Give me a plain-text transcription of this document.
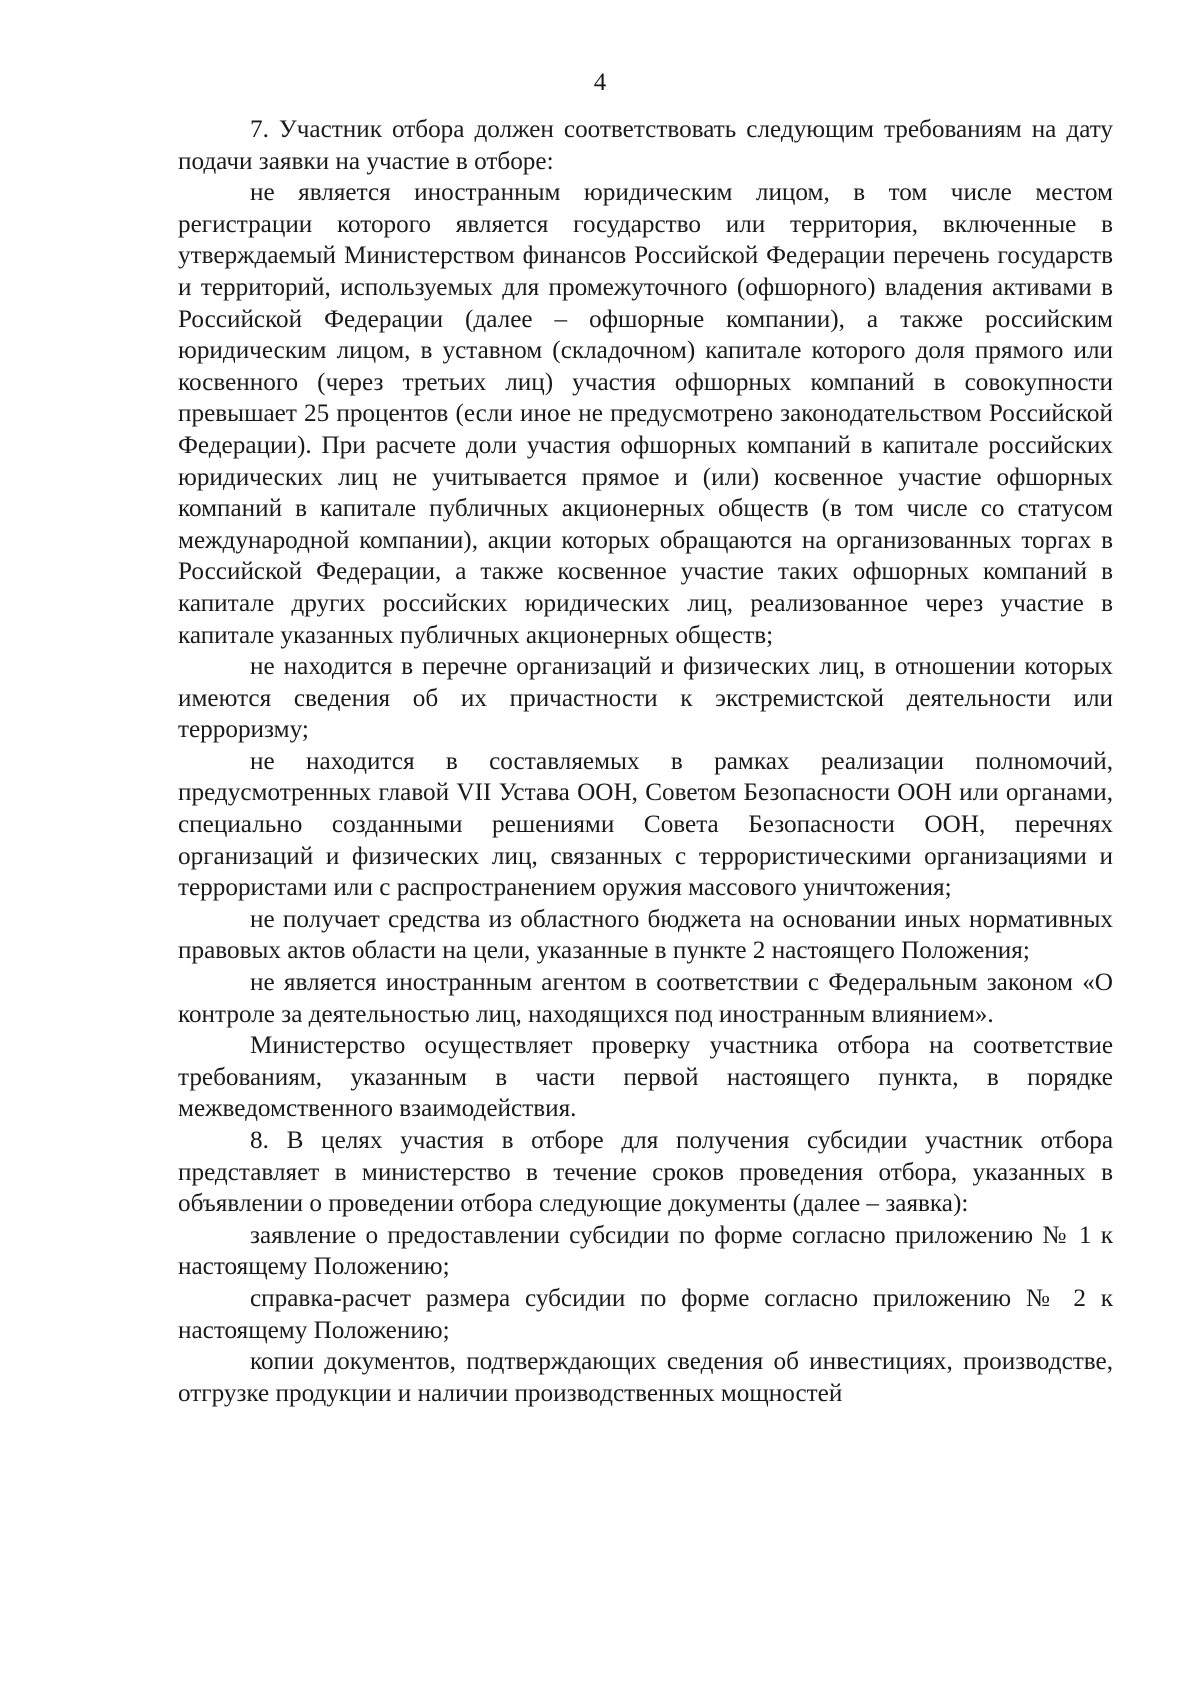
4

7. Участник отбора должен соответствовать следующим требованиям на дату подачи заявки на участие в отборе:

не является иностранным юридическим лицом, в том числе местом регистрации которого является государство или территория, включенные в утверждаемый Министерством финансов Российской Федерации перечень государств и территорий, используемых для промежуточного (офшорного) владения активами в Российской Федерации (далее – офшорные компании), а также российским юридическим лицом, в уставном (складочном) капитале которого доля прямого или косвенного (через третьих лиц) участия офшорных компаний в совокупности превышает 25 процентов (если иное не предусмотрено законодательством Российской Федерации). При расчете доли участия офшорных компаний в капитале российских юридических лиц не учитывается прямое и (или) косвенное участие офшорных компаний в капитале публичных акционерных обществ (в том числе со статусом международной компании), акции которых обращаются на организованных торгах в Российской Федерации, а также косвенное участие таких офшорных компаний в капитале других российских юридических лиц, реализованное через участие в капитале указанных публичных акционерных обществ;

не находится в перечне организаций и физических лиц, в отношении которых имеются сведения об их причастности к экстремистской деятельности или терроризму;

не находится в составляемых в рамках реализации полномочий, предусмотренных главой VII Устава ООН, Советом Безопасности ООН или органами, специально созданными решениями Совета Безопасности ООН, перечнях организаций и физических лиц, связанных с террористическими организациями и террористами или с распространением оружия массового уничтожения;

не получает средства из областного бюджета на основании иных нормативных правовых актов области на цели, указанные в пункте 2 настоящего Положения;

не является иностранным агентом в соответствии с Федеральным законом «О контроле за деятельностью лиц, находящихся под иностранным влиянием».

Министерство осуществляет проверку участника отбора на соответствие требованиям, указанным в части первой настоящего пункта, в порядке межведомственного взаимодействия.

8. В целях участия в отборе для получения субсидии участник отбора представляет в министерство в течение сроков проведения отбора, указанных в объявлении о проведении отбора следующие документы (далее – заявка):

заявление о предоставлении субсидии по форме согласно приложению № 1 к настоящему Положению;

справка-расчет размера субсидии по форме согласно приложению № 2 к настоящему Положению;

копии документов, подтверждающих сведения об инвестициях, производстве, отгрузке продукции и наличии производственных мощностей
